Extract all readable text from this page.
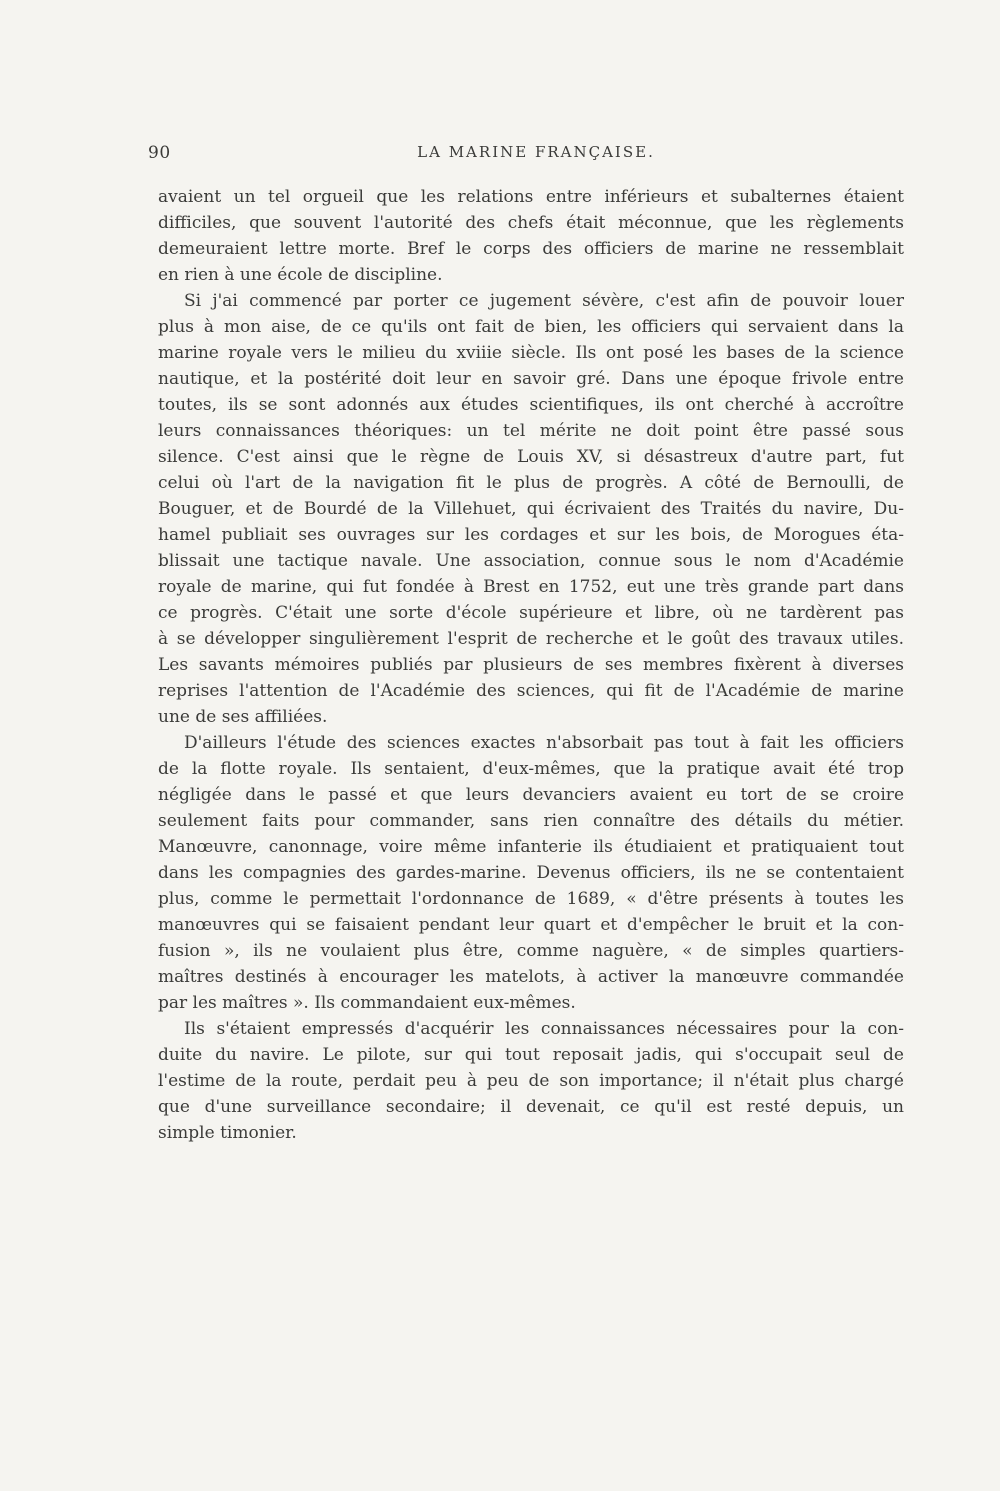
90	LA MARINE FRANÇAISE.
avaient un tel orgueil que les relations entre inférieurs et subalternes étaient
difficiles, que souvent l'autorité des chefs était méconnue, que les règlements
demeuraient lettre morte. Bref le corps des officiers de marine ne ressemblait
en rien à une école de discipline.
Si j'ai commencé par porter ce jugement sévère, c'est afin de pouvoir louer
plus à mon aise, de ce qu'ils ont fait de bien, les officiers qui servaient dans la
marine royale vers le milieu du xviiie siècle. Ils ont posé les bases de la science
nautique, et la postérité doit leur en savoir gré. Dans une époque frivole entre
toutes, ils se sont adonnés aux études scientifiques, ils ont cherché à accroître
leurs connaissances théoriques: un tel mérite ne doit point être passé sous
silence. C'est ainsi que le règne de Louis XV, si désastreux d'autre part, fut
celui où l'art de la navigation fit le plus de progrès. A côté de Bernoulli, de
Bouguer, et de Bourdé de la Villehuet, qui écrivaient des Traités du navire, Du-
hamel publiait ses ouvrages sur les cordages et sur les bois, de Morogues éta-
blissait une tactique navale. Une association, connue sous le nom d'Académie
royale de marine, qui fut fondée à Brest en 1752, eut une très grande part dans
ce progrès. C'était une sorte d'école supérieure et libre, où ne tardèrent pas
à se développer singulièrement l'esprit de recherche et le goût des travaux utiles.
Les savants mémoires publiés par plusieurs de ses membres fixèrent à diverses
reprises l'attention de l'Académie des sciences, qui fit de l'Académie de marine
une de ses affiliées.
D'ailleurs l'étude des sciences exactes n'absorbait pas tout à fait les officiers
de la flotte royale. Ils sentaient, d'eux-mêmes, que la pratique avait été trop
négligée dans le passé et que leurs devanciers avaient eu tort de se croire
seulement faits pour commander, sans rien connaître des détails du métier.
Manœuvre, canonnage, voire même infanterie ils étudiaient et pratiquaient tout
dans les compagnies des gardes-marine. Devenus officiers, ils ne se contentaient
plus, comme le permettait l'ordonnance de 1689, « d'être présents à toutes les
manœuvres qui se faisaient pendant leur quart et d'empêcher le bruit et la con-
fusion », ils ne voulaient plus être, comme naguère, « de simples quartiers-
maîtres destinés à encourager les matelots, à activer la manœuvre commandée
par les maîtres ». Ils commandaient eux-mêmes.
Ils s'étaient empressés d'acquérir les connaissances nécessaires pour la con-
duite du navire. Le pilote, sur qui tout reposait jadis, qui s'occupait seul de
l'estime de la route, perdait peu à peu de son importance; il n'était plus chargé
que d'une surveillance secondaire; il devenait, ce qu'il est resté depuis, un
simple timonier.
